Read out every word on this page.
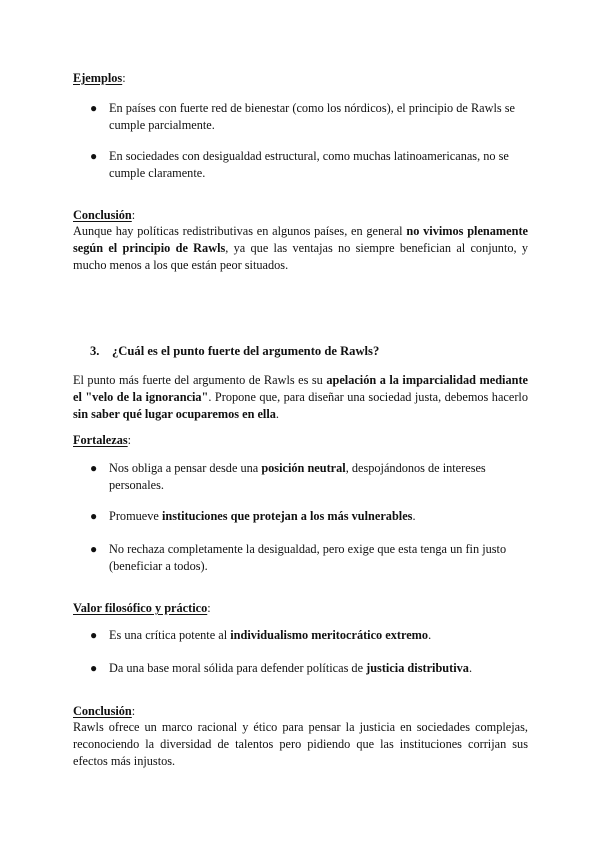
Ejemplos:

● En países con fuerte red de bienestar (como los nórdicos), el principio de Rawls se cumple parcialmente.
● En sociedades con desigualdad estructural, como muchas latinoamericanas, no se cumple claramente.

Conclusión:

Aunque hay políticas redistributivas en algunos países, en general no vivimos plenamente según el principio de Rawls, ya que las ventajas no siempre benefician al conjunto, y mucho menos a los que están peor situados.

3. ¿Cuál es el punto fuerte del argumento de Rawls?

El punto más fuerte del argumento de Rawls es su apelación a la imparcialidad mediante el "velo de la ignorancia". Propone que, para diseñar una sociedad justa, debemos hacerlo sin saber qué lugar ocuparemos en ella.

Fortalezas:

● Nos obliga a pensar desde una posición neutral, despojándonos de intereses personales.
● Promueve instituciones que protejan a los más vulnerables.
● No rechaza completamente la desigualdad, pero exige que esta tenga un fin justo (beneficiar a todos).

Valor filosófico y práctico:

● Es una crítica potente al individualismo meritocrático extremo.
● Da una base moral sólida para defender políticas de justicia distributiva.

Conclusión:

Rawls ofrece un marco racional y ético para pensar la justicia en sociedades complejas, reconociendo la diversidad de talentos pero pidiendo que las instituciones corrijan sus efectos más injustos.
